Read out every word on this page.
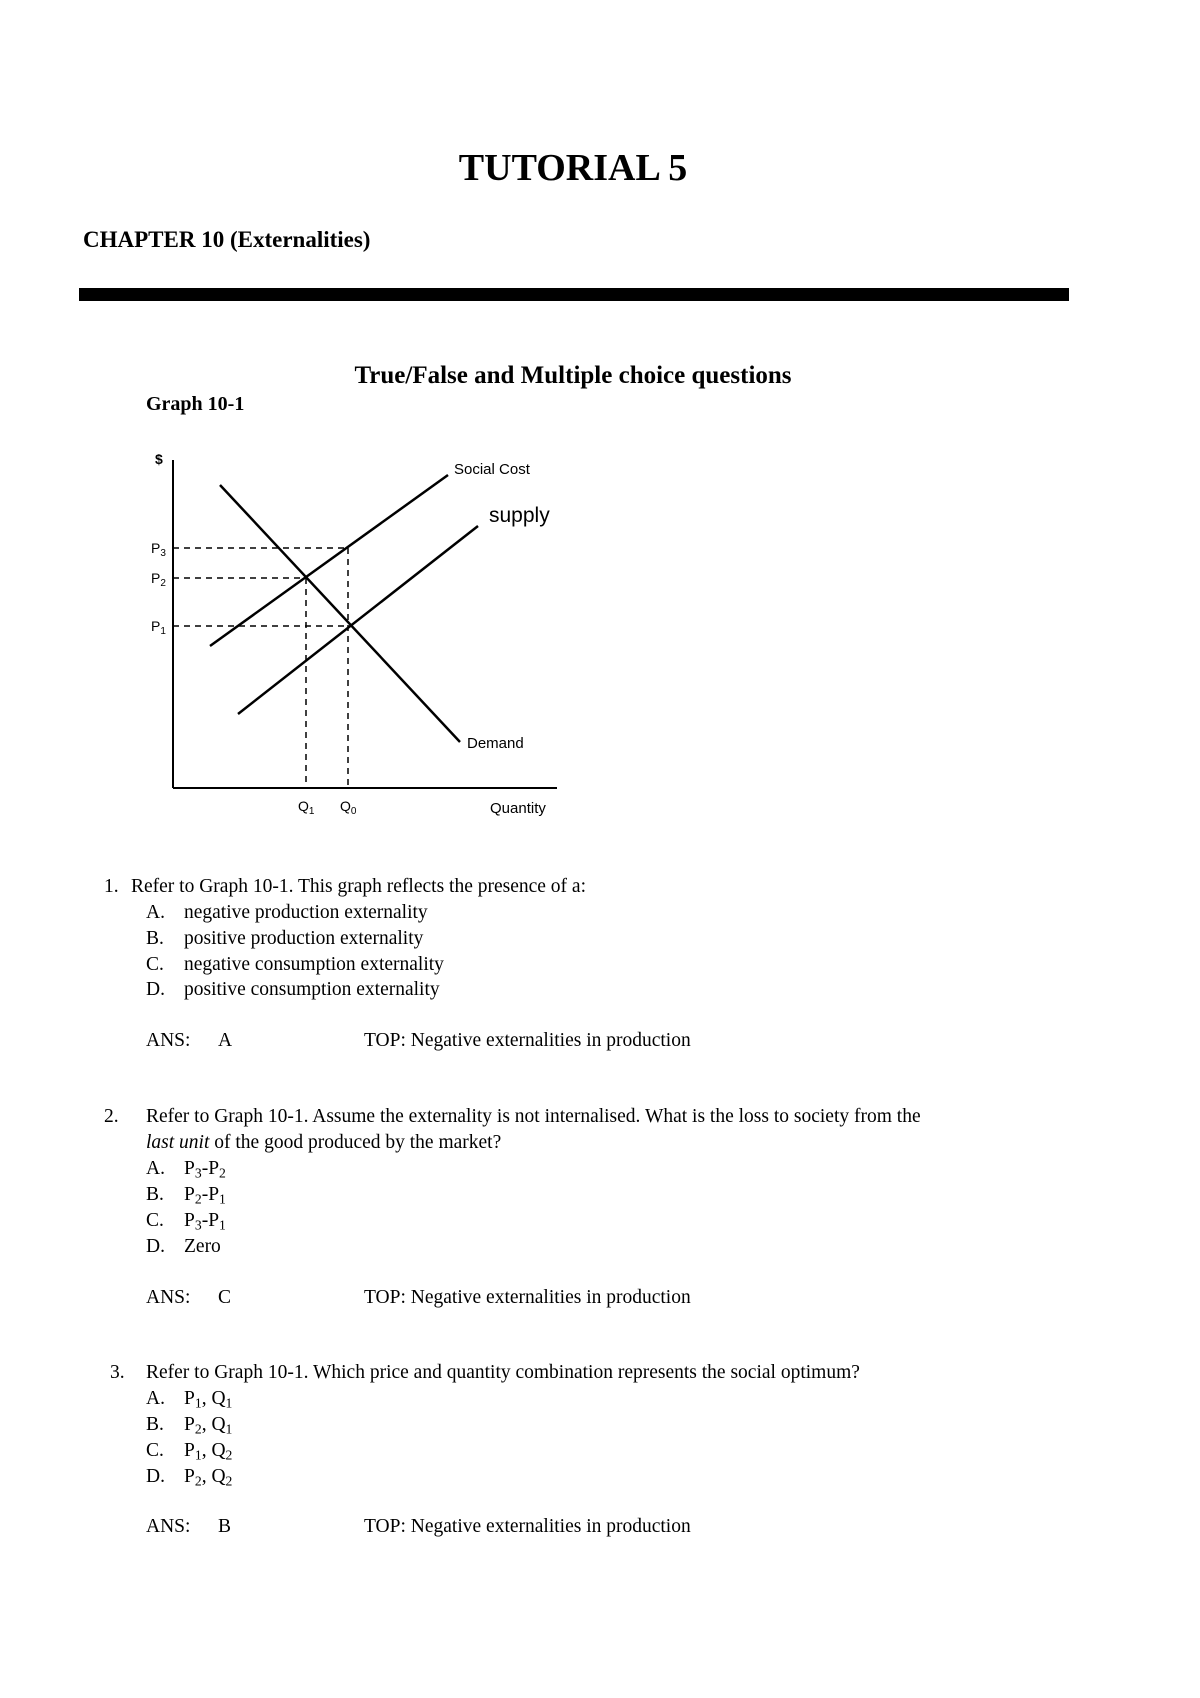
TUTORIAL 5
CHAPTER 10 (Externalities)
True/False and Multiple choice questions
Graph 10-1
$
Quantity
Social Cost
supply
Demand
$P_3$
$P_2$
$P_1$
$Q_1$ $Q_0$
1. Refer to Graph 10-1. This graph reflects the presence of a:
A. negative production externality
B. positive production externality
C. negative consumption externality
D. positive consumption externality
ANS: A	TOP: Negative externalities in production
2. Refer to Graph 10-1. Assume the externality is not internalised. What is the loss to society from the
last unit of the good produced by the market?
A. $P_3-P_2$
B. $P_2-P_1$
C. $P_3-P_1$
D. Zero
ANS: C	TOP: Negative externalities in production
3. Refer to Graph 10-1. Which price and quantity combination represents the social optimum?
A. $P_1$, $Q_1$
B. $P_2$, $Q_1$
C. $P_1$, $Q_2$
D. $P_2$, $Q_2$
ANS: B	TOP: Negative externalities in production
